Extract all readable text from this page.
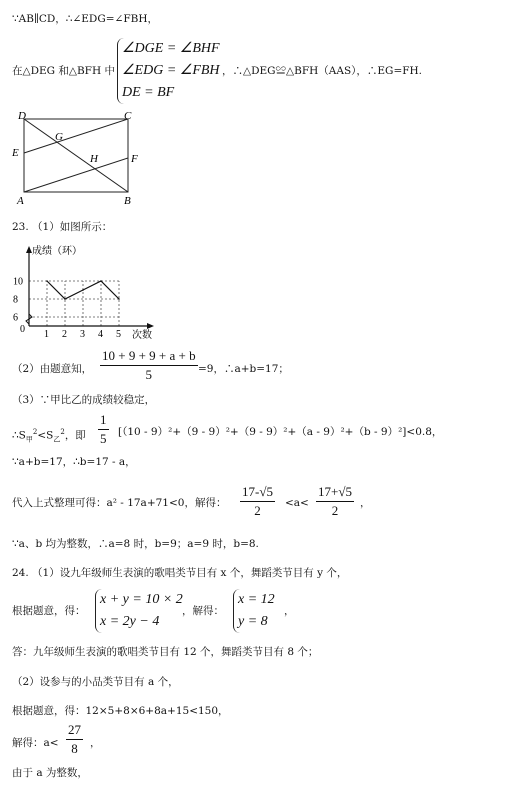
∵AB∥CD，∴∠EDG=∠FBH，
在△DEG 和△BFH 中
∠DGE = ∠BHF
∠EDG = ∠FBH
DE = BF
，∴△DEG≌△BFH（AAS），∴EG=FH.
D	C
G
E	H	F
A	B
23. （1）如图所示：
1 2 3 4 5
6
8
10
成绩（环）
次数
0
（2）由题意知， $\frac{10 + 9 + 9 + a + b}{5} =9$，∴a+b=17；
（3）∵甲比乙的成绩较稳定，
$\therefore S_甲^2<S_乙^2$，即 $\frac{1}{5} [(10 - 9)^2+(9 - 9)^2+(9 - 9)^2+(a - 9)^2+(b - 9)^2]<0.8$，
∵a+b=17，∴b=17 - a，
代入上式整理可得：a² - 17a+71<0，解得： $\frac{17-√5}{2} <a< \frac{17+√5}{2}$ ，
∵a、b 均为整数，∴a=8 时，b=9；a=9 时，b=8.
24. （1）设九年级师生表演的歌唱类节目有 x 个，舞蹈类节目有 y 个，
根据题意，得：
x + y = 10 × 2
x = 2y − 4
，解得：
x = 12
y = 8
，
答：九年级师生表演的歌唱类节目有 12 个，舞蹈类节目有 8 个；
（2）设参与的小品类节目有 a 个，
根据题意，得：12×5+8×6+8a+15<150，
解得：$a< \frac{27}{8}$ ，
由于 a 为整数，
